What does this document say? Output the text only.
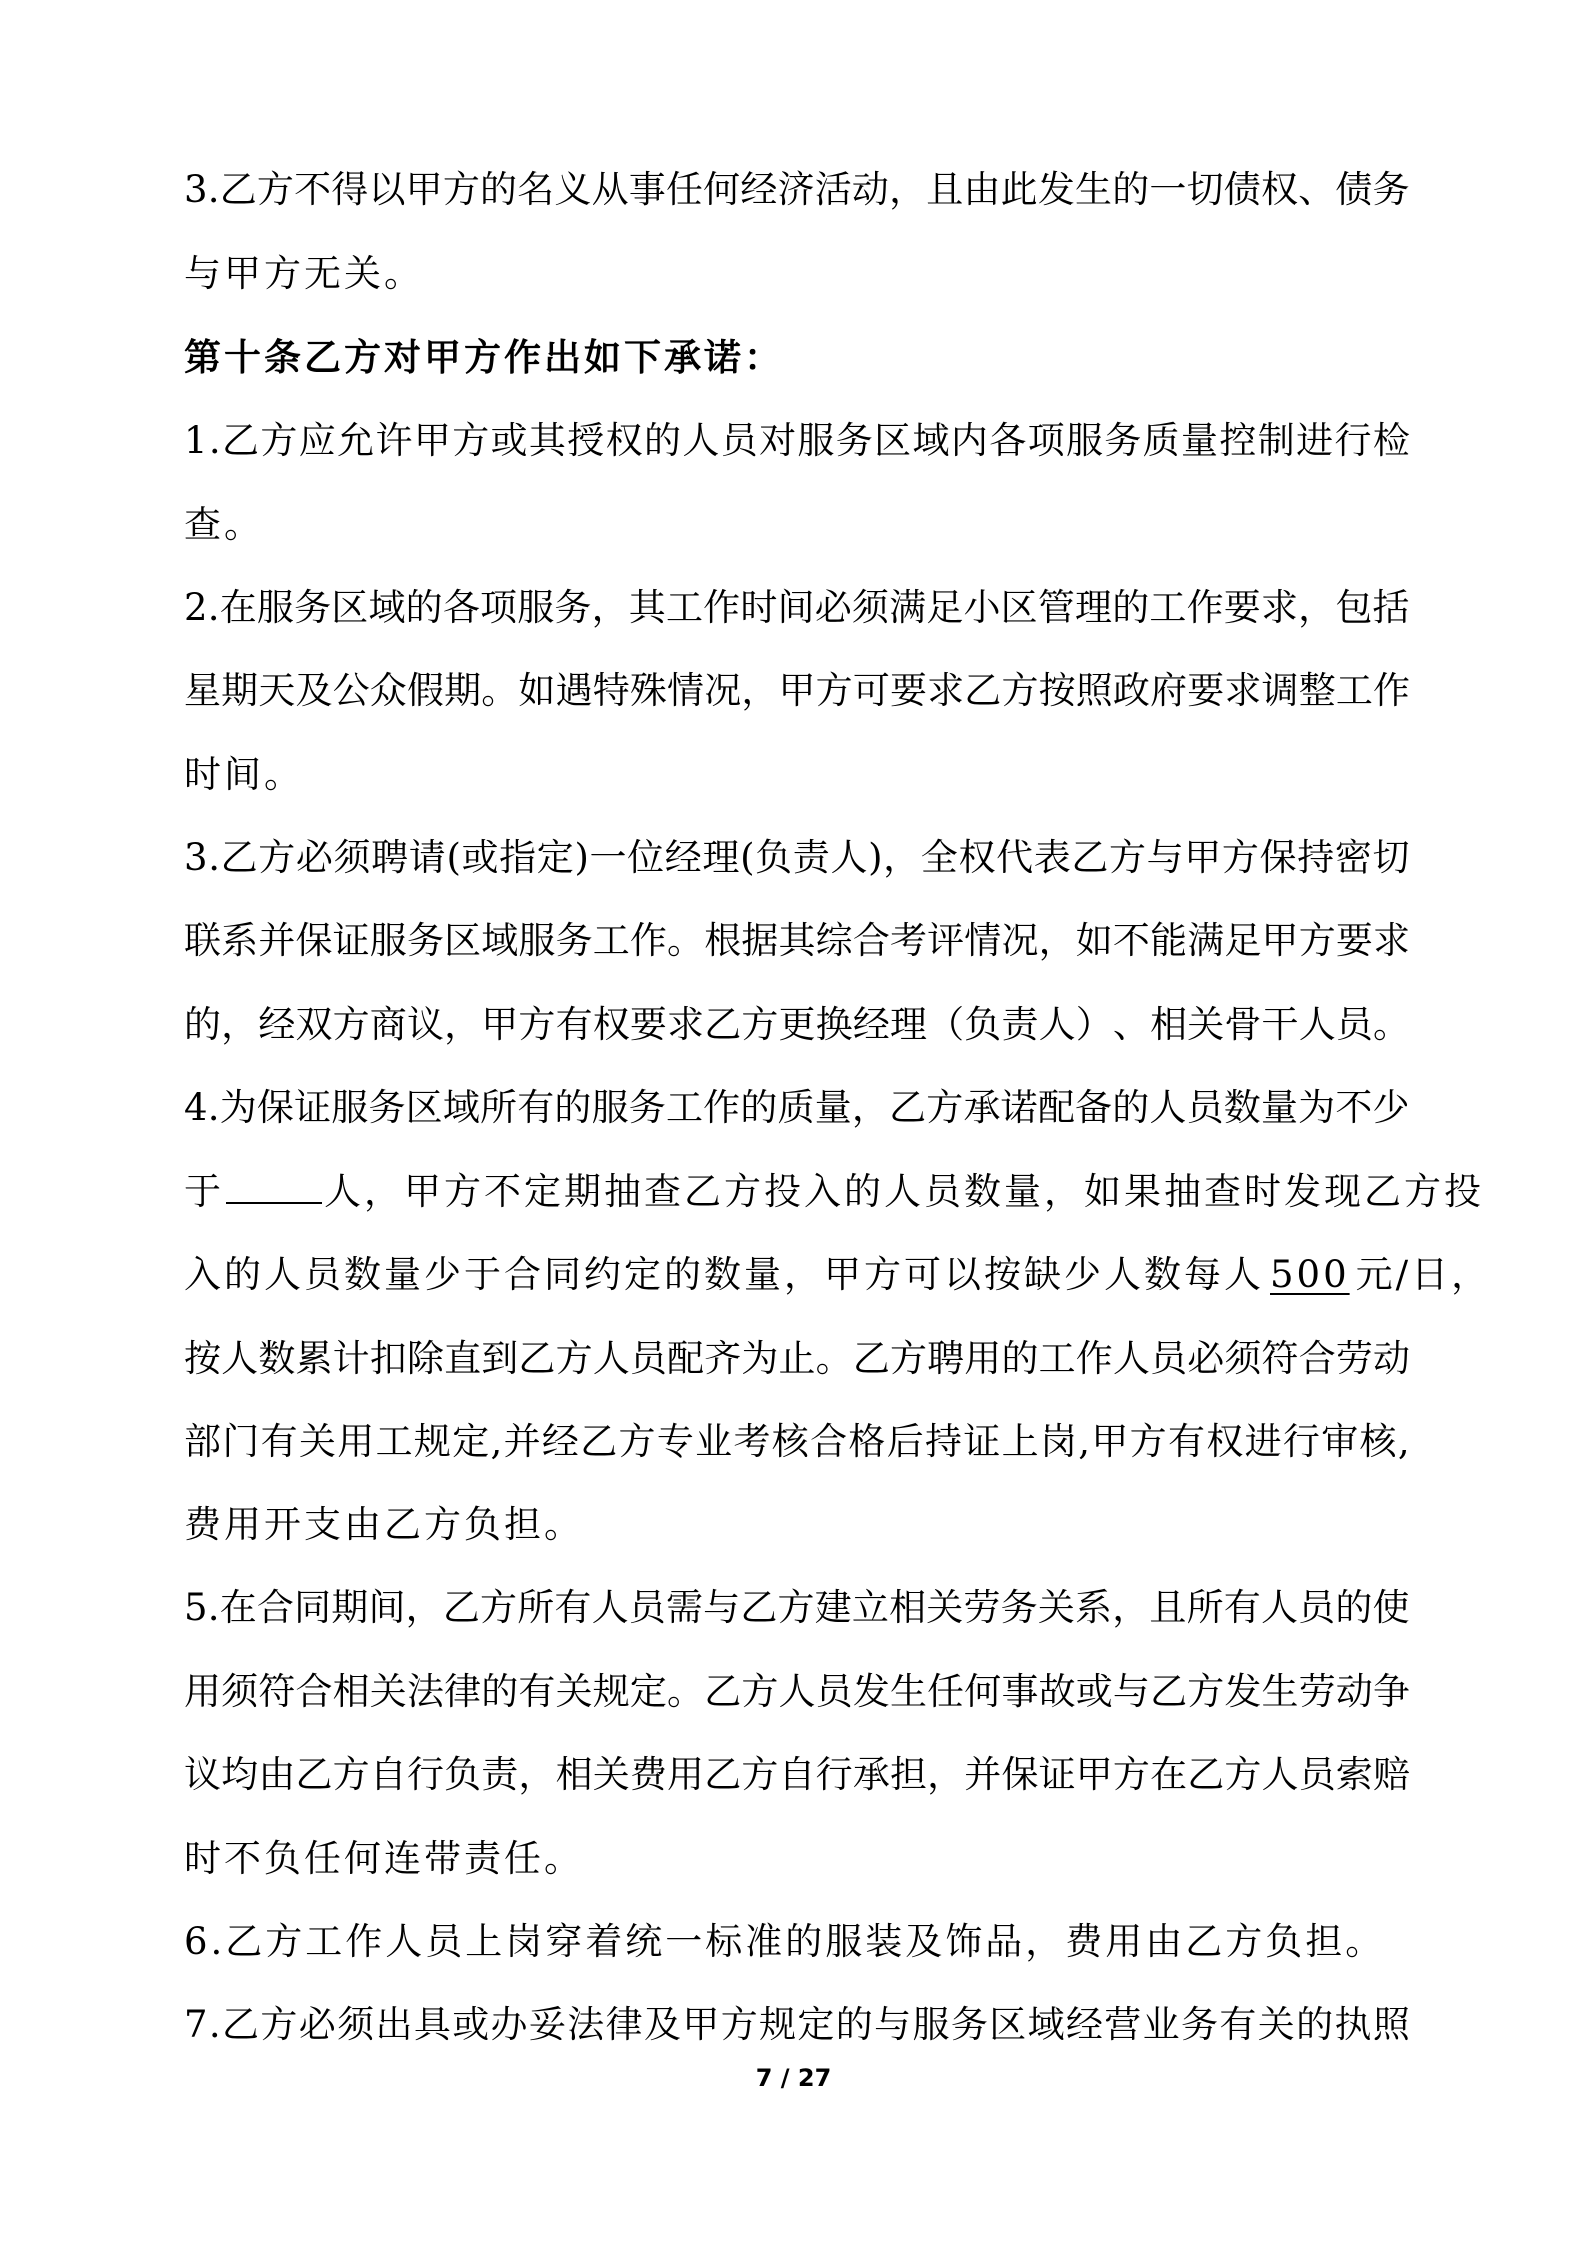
3 . 乙 方 不 得 以 甲 方 的 名 义 从 事 任 何 经 济 活 动 ， 且 由 此 发 生 的 一 切 债 权 、 债 务
与甲方无关。
第十条乙方对甲方作出如下承诺：
1 . 乙 方 应 允 许 甲 方 或 其 授 权 的 人 员 对 服 务 区 域 内 各 项 服 务 质 量 控 制 进 行 检
查。
2 . 在 服 务 区 域 的 各 项 服 务 ， 其 工 作 时 间 必 须 满 足 小 区 管 理 的 工 作 要 求 ， 包 括
星 期 天 及 公 众 假 期 。 如 遇 特 殊 情 况 ， 甲 方 可 要 求 乙 方 按 照 政 府 要 求 调 整 工 作
时间。
3 . 乙 方 必 须 聘 请 ( 或 指 定 ) 一 位 经 理 ( 负 责 人 ) ， 全 权 代 表 乙 方 与 甲 方 保 持 密 切
联 系 并 保 证 服 务 区 域 服 务 工 作 。 根 据 其 综 合 考 评 情 况 ， 如 不 能 满 足 甲 方 要 求
的 ， 经 双 方 商 议 ， 甲 方 有 权 要 求 乙 方 更 换 经 理 （ 负 责 人 ） 、 相 关 骨 干 人 员 。
4 . 为 保 证 服 务 区 域 所 有 的 服 务 工 作 的 质 量 ， 乙 方 承 诺 配 备 的 人 员 数 量 为 不 少
于	人，甲方不定期抽查乙方投入的人员数量，如果抽查时发现乙方投
入的人员数量少于合同约定的数量，甲方可以按缺少人数每人 500 元/日，
按 人 数 累 计 扣 除 直 到 乙 方 人 员 配 齐 为 止 。 乙 方 聘 用 的 工 作 人 员 必 须 符 合 劳 动
部 门 有 关 用 工 规 定 , 并 经 乙 方 专 业 考 核 合 格 后 持 证 上 岗 , 甲 方 有 权 进 行 审 核 ,
费用开支由乙方负担。
5 . 在 合 同 期 间 ， 乙 方 所 有 人 员 需 与 乙 方 建 立 相 关 劳 务 关 系 ， 且 所 有 人 员 的 使
用 须 符 合 相 关 法 律 的 有 关 规 定 。 乙 方 人 员 发 生 任 何 事 故 或 与 乙 方 发 生 劳 动 争
议 均 由 乙 方 自 行 负 责 ， 相 关 费 用 乙 方 自 行 承 担 ， 并 保 证 甲 方 在 乙 方 人 员 索 赔
时不负任何连带责任。
6.乙方工作人员上岗穿着统一标准的服装及饰品，费用由乙方负担。
7 . 乙 方 必 须 出 具 或 办 妥 法 律 及 甲 方 规 定 的 与 服 务 区 域 经 营 业 务 有 关 的 执 照
7 / 27
